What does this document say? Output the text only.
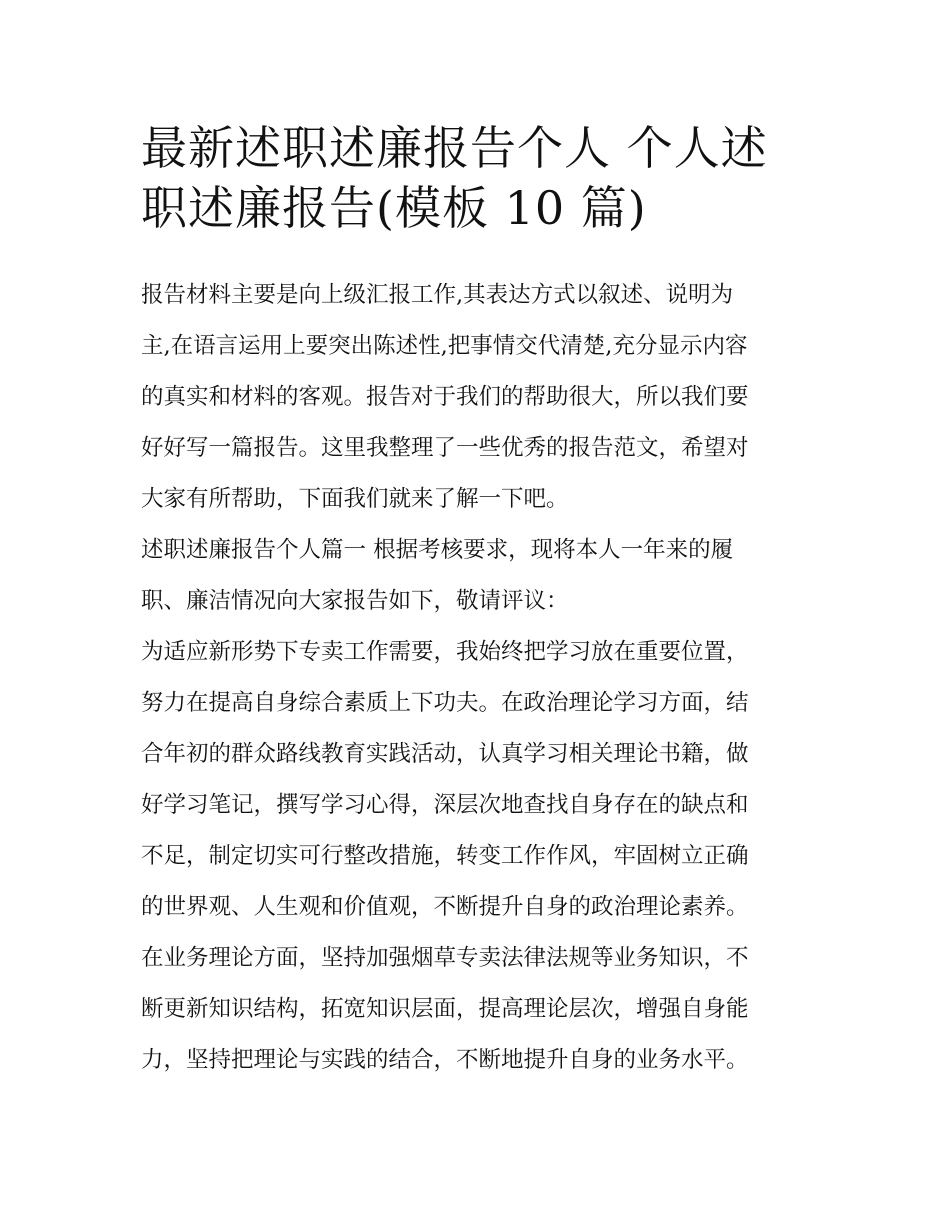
最新述职述廉报告个人 个人述
职述廉报告(模板 10 篇)
报告材料主要是向上级汇报工作,其表达方式以叙述、说明为
主,在语言运用上要突出陈述性,把事情交代清楚,充分显示内容
的真实和材料的客观。报告对于我们的帮助很大，所以我们要
好好写一篇报告。这里我整理了一些优秀的报告范文，希望对
大家有所帮助，下面我们就来了解一下吧。
述职述廉报告个人篇一 根据考核要求，现将本人一年来的履
职、廉洁情况向大家报告如下，敬请评议：
为适应新形势下专卖工作需要，我始终把学习放在重要位置，
努力在提高自身综合素质上下功夫。在政治理论学习方面，结
合年初的群众路线教育实践活动，认真学习相关理论书籍，做
好学习笔记，撰写学习心得，深层次地查找自身存在的缺点和
不足，制定切实可行整改措施，转变工作作风，牢固树立正确
的世界观、人生观和价值观，不断提升自身的政治理论素养。
在业务理论方面，坚持加强烟草专卖法律法规等业务知识，不
断更新知识结构，拓宽知识层面，提高理论层次，增强自身能
力，坚持把理论与实践的结合，不断地提升自身的业务水平。
